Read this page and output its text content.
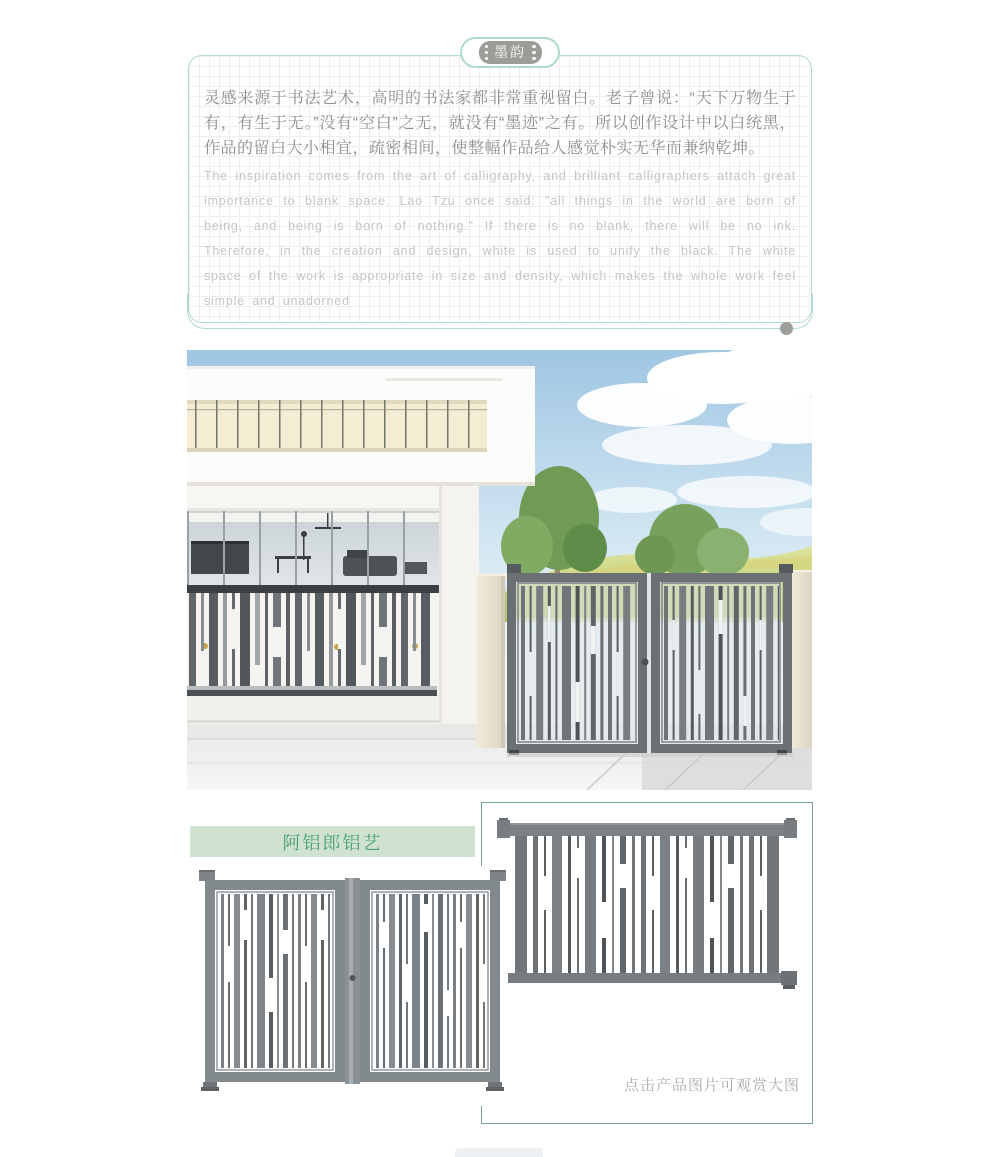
墨韵

灵感来源于书法艺术，高明的书法家都非常重视留白。老子曾说：“天下万物生于有，有生于无。”没有“空白”之无，就没有“墨迹”之有。所以创作设计中以白统黑，作品的留白大小相宜，疏密相间，使整幅作品给人感觉朴实无华而兼纳乾坤。

The inspiration comes from the art of calligraphy, and brilliant calligraphers attach great importance to blank space. Lao Tzu once said: "all things in the world are born of being, and being is born of nothing." If there is no blank, there will be no ink. Therefore, in the creation and design, white is used to unify the black. The white space of the work is appropriate in size and density, which makes the whole work feel simple and unadorned

点击产品图片可观赏大图
阿铝郎铝艺
